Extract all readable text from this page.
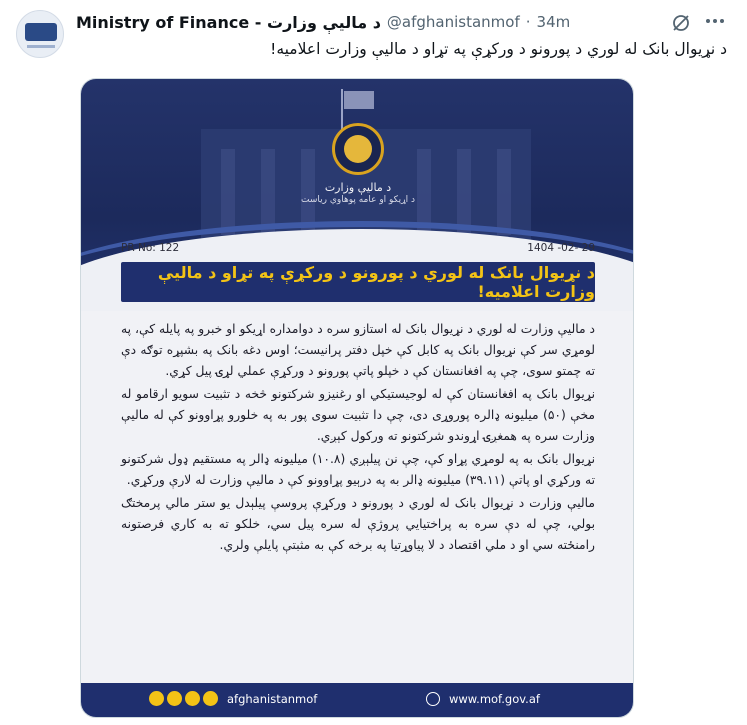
Ministry of Finance - د ماليې وزارت @afghanistanmof · 34m
د نړيوال بانک له لوري د پورونو د ورکړې په تړاو د ماليې وزارت اعلاميه!
د ماليې وزارت
د اړيکو او عامه پوهاوي رياست
PR No: 122	1404 -02- 29
د نړيوال بانک له لوري د پورونو د ورکړې په تړاو د ماليې وزارت اعلاميه!

د ماليې وزارت له لوري د نړيوال بانک له استازو سره د دوامداره اړيکو او خبرو په پايله کې، په لومړي سر کې نړيوال بانک په کابل کې خپل دفتر پرانيست؛ اوس دغه بانک په بشپړه توګه دې ته چمتو سوی، چې په افغانستان کې د خپلو پاتې پورونو د ورکړې عملي لړۍ پيل کړي.

نړيوال بانک په افغانستان کې له لوجيستيکي او رغنيزو شرکتونو څخه د تثبيت سويو ارقامو له مخې (۵۰) ميليونه ډالره پوروړی دی، چې دا تثبيت سوی پور به په خلورو پړاوونو کې له ماليې وزارت سره په همغږۍ اړوندو شرکتونو ته ورکول کېږي.

نړيوال بانک به په لومړي پړاو کې، چې نن پيلېږي (۱۰.۸) ميليونه ډالر په مستقيم ډول شرکتونو ته ورکړي او پاتې (۳۹.۱۱) ميليونه ډالر به په درېيو پړاوونو کې د ماليې وزارت له لارې ورکړي.

ماليې وزارت د نړيوال بانک له لوري د پورونو د ورکړې پروسې پيلېدل يو ستر مالي پرمختګ بولي، چې له دې سره به پراختيايي پروژې له سره پيل سي، خلکو ته به کاري فرصتونه رامنځته سي او د ملي اقتصاد د لا پياوړتيا په برخه کې به مثبتې پايلې ولري.

afghanistanmof	www.mof.gov.af
